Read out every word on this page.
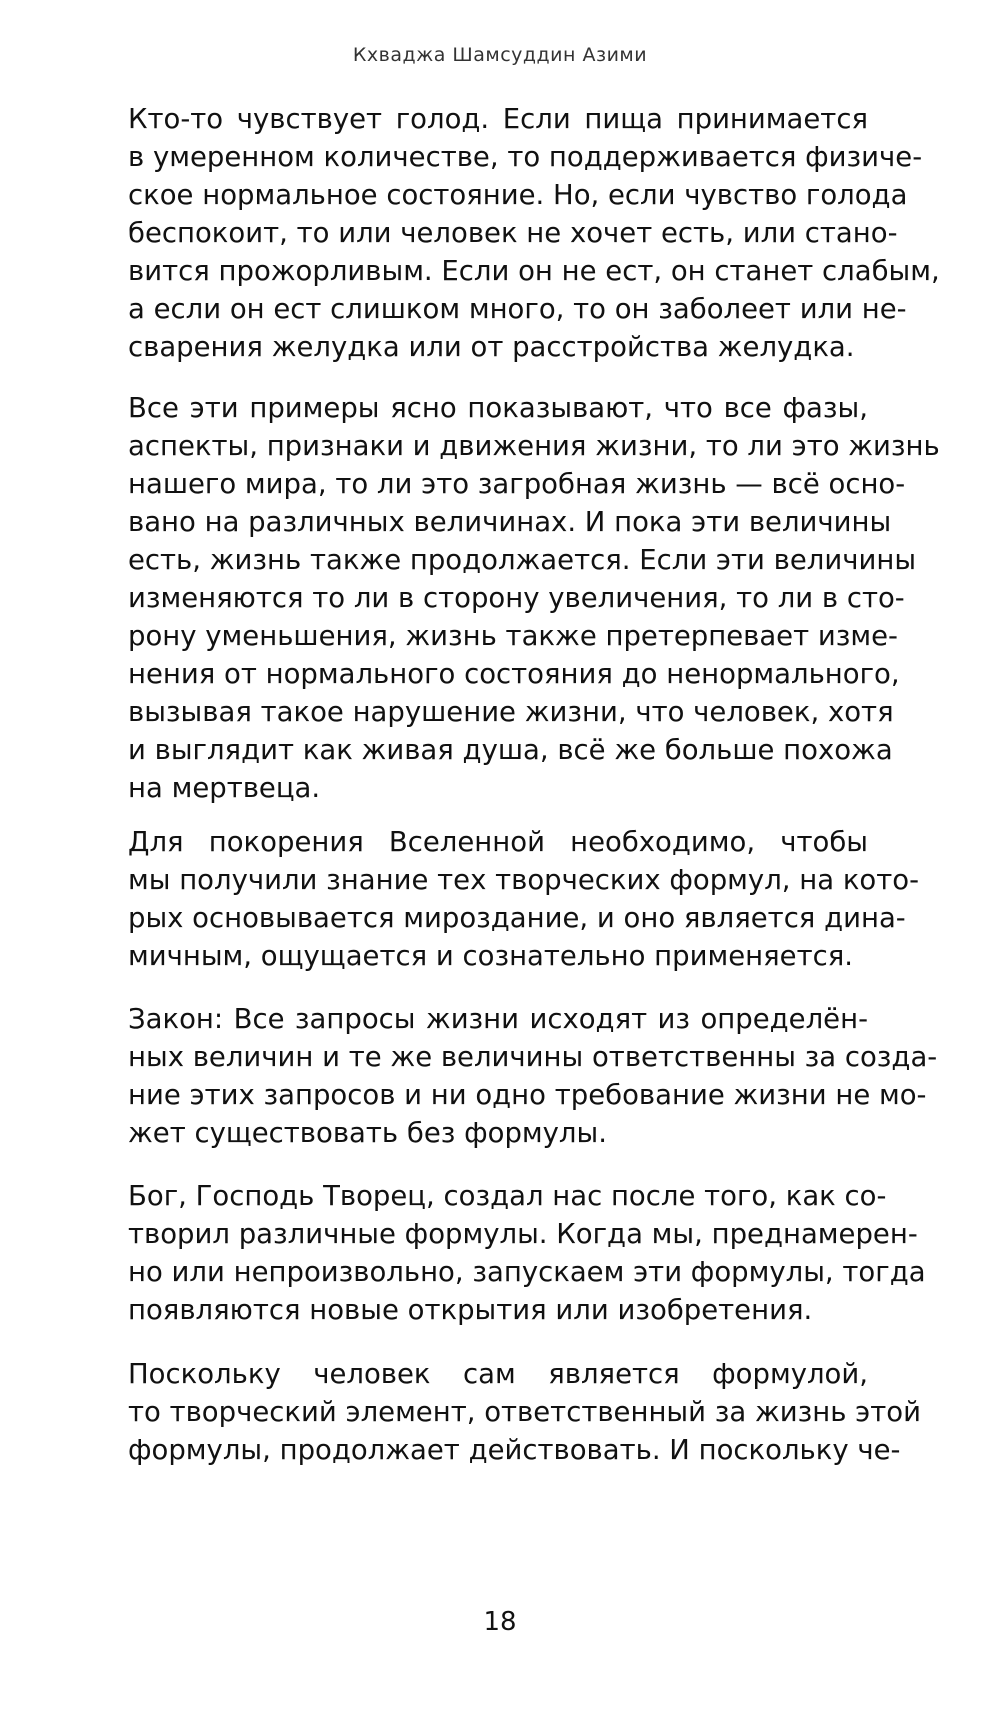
Кхваджа Шамсуддин Азими
Кто-то чувствует голод. Если пища принимается
в умеренном количестве, то поддерживается физиче-
ское нормальное состояние. Но, если чувство голода
беспокоит, то или человек не хочет есть, или стано-
вится прожорливым. Если он не ест, он станет слабым,
а если он ест слишком много, то он заболеет или не-
сварения желудка или от расстройства желудка.
Все эти примеры ясно показывают, что все фазы,
аспекты, признаки и движения жизни, то ли это жизнь
нашего мира, то ли это загробная жизнь — всё осно-
вано на различных величинах. И пока эти величины
есть, жизнь также продолжается. Если эти величины
изменяются то ли в сторону увеличения, то ли в сто-
рону уменьшения, жизнь также претерпевает изме-
нения от нормального состояния до ненормального,
вызывая такое нарушение жизни, что человек, хотя
и выглядит как живая душа, всё же больше похожа
на мертвеца.
Для покорения Вселенной необходимо, чтобы
мы получили знание тех творческих формул, на кото-
рых основывается мироздание, и оно является дина-
мичным, ощущается и сознательно применяется.
Закон: Все запросы жизни исходят из определён-
ных величин и те же величины ответственны за созда-
ние этих запросов и ни одно требование жизни не мо-
жет существовать без формулы.
Бог, Господь Творец, создал нас после того, как со-
творил различные формулы. Когда мы, преднамерен-
но или непроизвольно, запускаем эти формулы, тогда
появляются новые открытия или изобретения.
Поскольку человек сам является формулой,
то творческий элемент, ответственный за жизнь этой
формулы, продолжает действовать. И поскольку че-
18
